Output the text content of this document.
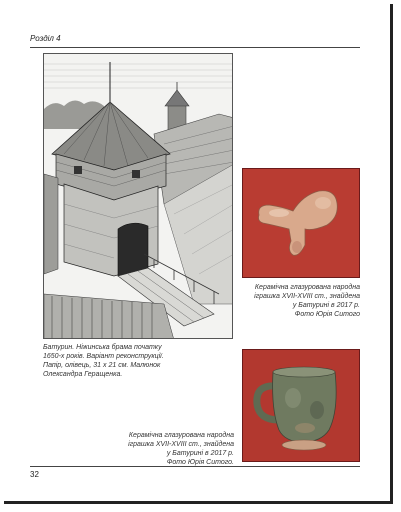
Розділ 4
Батурин. Ніжинська брама початку
1650-х років. Варіант реконструкції.
Папір, олівець, 31 х 21 см. Малюнок
Олександра Геращенка.
Керамічна глазурована народна
іграшка XVII-XVIII ст., знайдена
у Батурині в 2017 р.
Фото Юрія Ситого
Керамічна глазурована народна
іграшка XVII-XVIII ст., знайдена
у Батурині в 2017 р.
Фото Юрія Ситого.
32
